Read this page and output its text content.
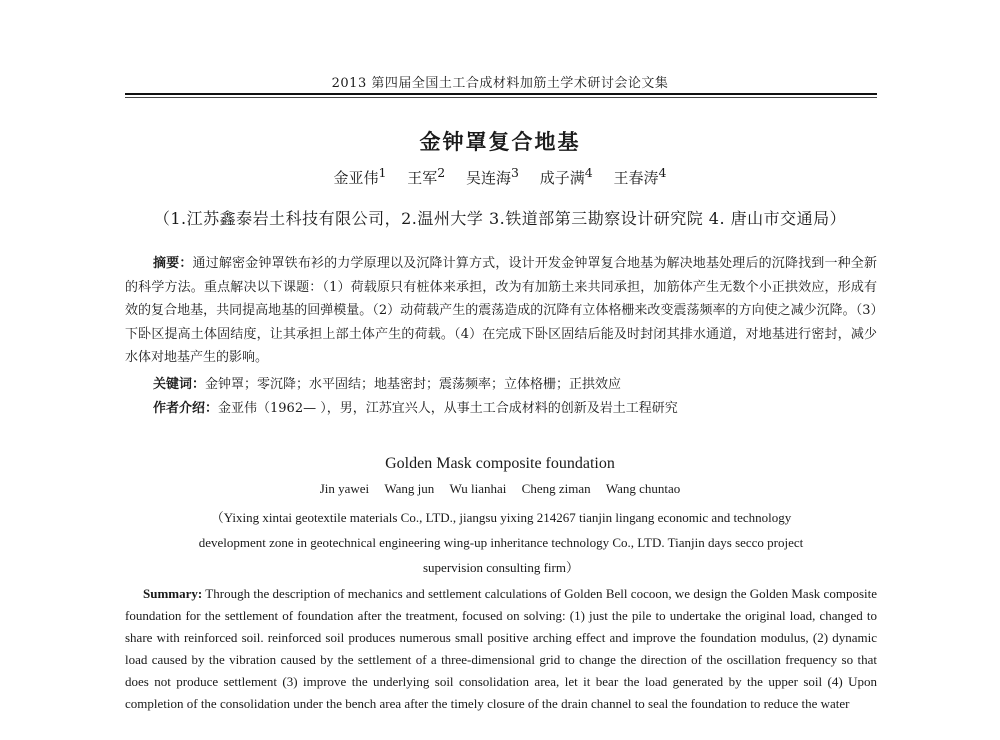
2013 第四届全国土工合成材料加筋土学术研讨会论文集
金钟罩复合地基
金亚伟$^1$ 王军$^2$ 吴连海$^3$ 成子满$^4$ 王春涛$^4$
（1.江苏鑫泰岩土科技有限公司，2.温州大学 3.铁道部第三勘察设计研究院 4. 唐山市交通局）

摘要：通过解密金钟罩铁布衫的力学原理以及沉降计算方式，设计开发金钟罩复合地基为解决地基处理后的沉降找到一种全新的科学方法。重点解决以下课题：（1）荷载原只有桩体来承担，改为有加筋土来共同承担，加筋体产生无数个小正拱效应，形成有效的复合地基，共同提高地基的回弹模量。（2）动荷载产生的震荡造成的沉降有立体格栅来改变震荡频率的方向使之减少沉降。（3）下卧区提高土体固结度，让其承担上部土体产生的荷载。（4）在完成下卧区固结后能及时封闭其排水通道，对地基进行密封，减少水体对地基产生的影响。

关键词：金钟罩；零沉降；水平固结；地基密封；震荡频率；立体格栅；正拱效应
作者介绍：金亚伟（1962— ），男，江苏宜兴人，从事土工合成材料的创新及岩土工程研究
Golden Mask composite foundation
Jin yawei Wang jun Wu lianhai Cheng ziman Wang chuntao
（Yixing xintai geotextile materials Co., LTD., jiangsu yixing 214267 tianjin lingang economic and technology
development zone in geotechnical engineering wing-up inheritance technology Co., LTD. Tianjin days secco project
supervision consulting firm）

Summary: Through the description of mechanics and settlement calculations of Golden Bell cocoon, we design the Golden Mask composite foundation for the settlement of foundation after the treatment, focused on solving: (1) just the pile to undertake the original load, changed to share with reinforced soil. reinforced soil produces numerous small positive arching effect and improve the foundation modulus, (2) dynamic load caused by the vibration caused by the settlement of a three-dimensional grid to change the direction of the oscillation frequency so that does not produce settlement (3) improve the underlying soil consolidation area, let it bear the load generated by the upper soil (4) Upon completion of the consolidation under the bench area after the timely closure of the drain channel to seal the foundation to reduce the water
